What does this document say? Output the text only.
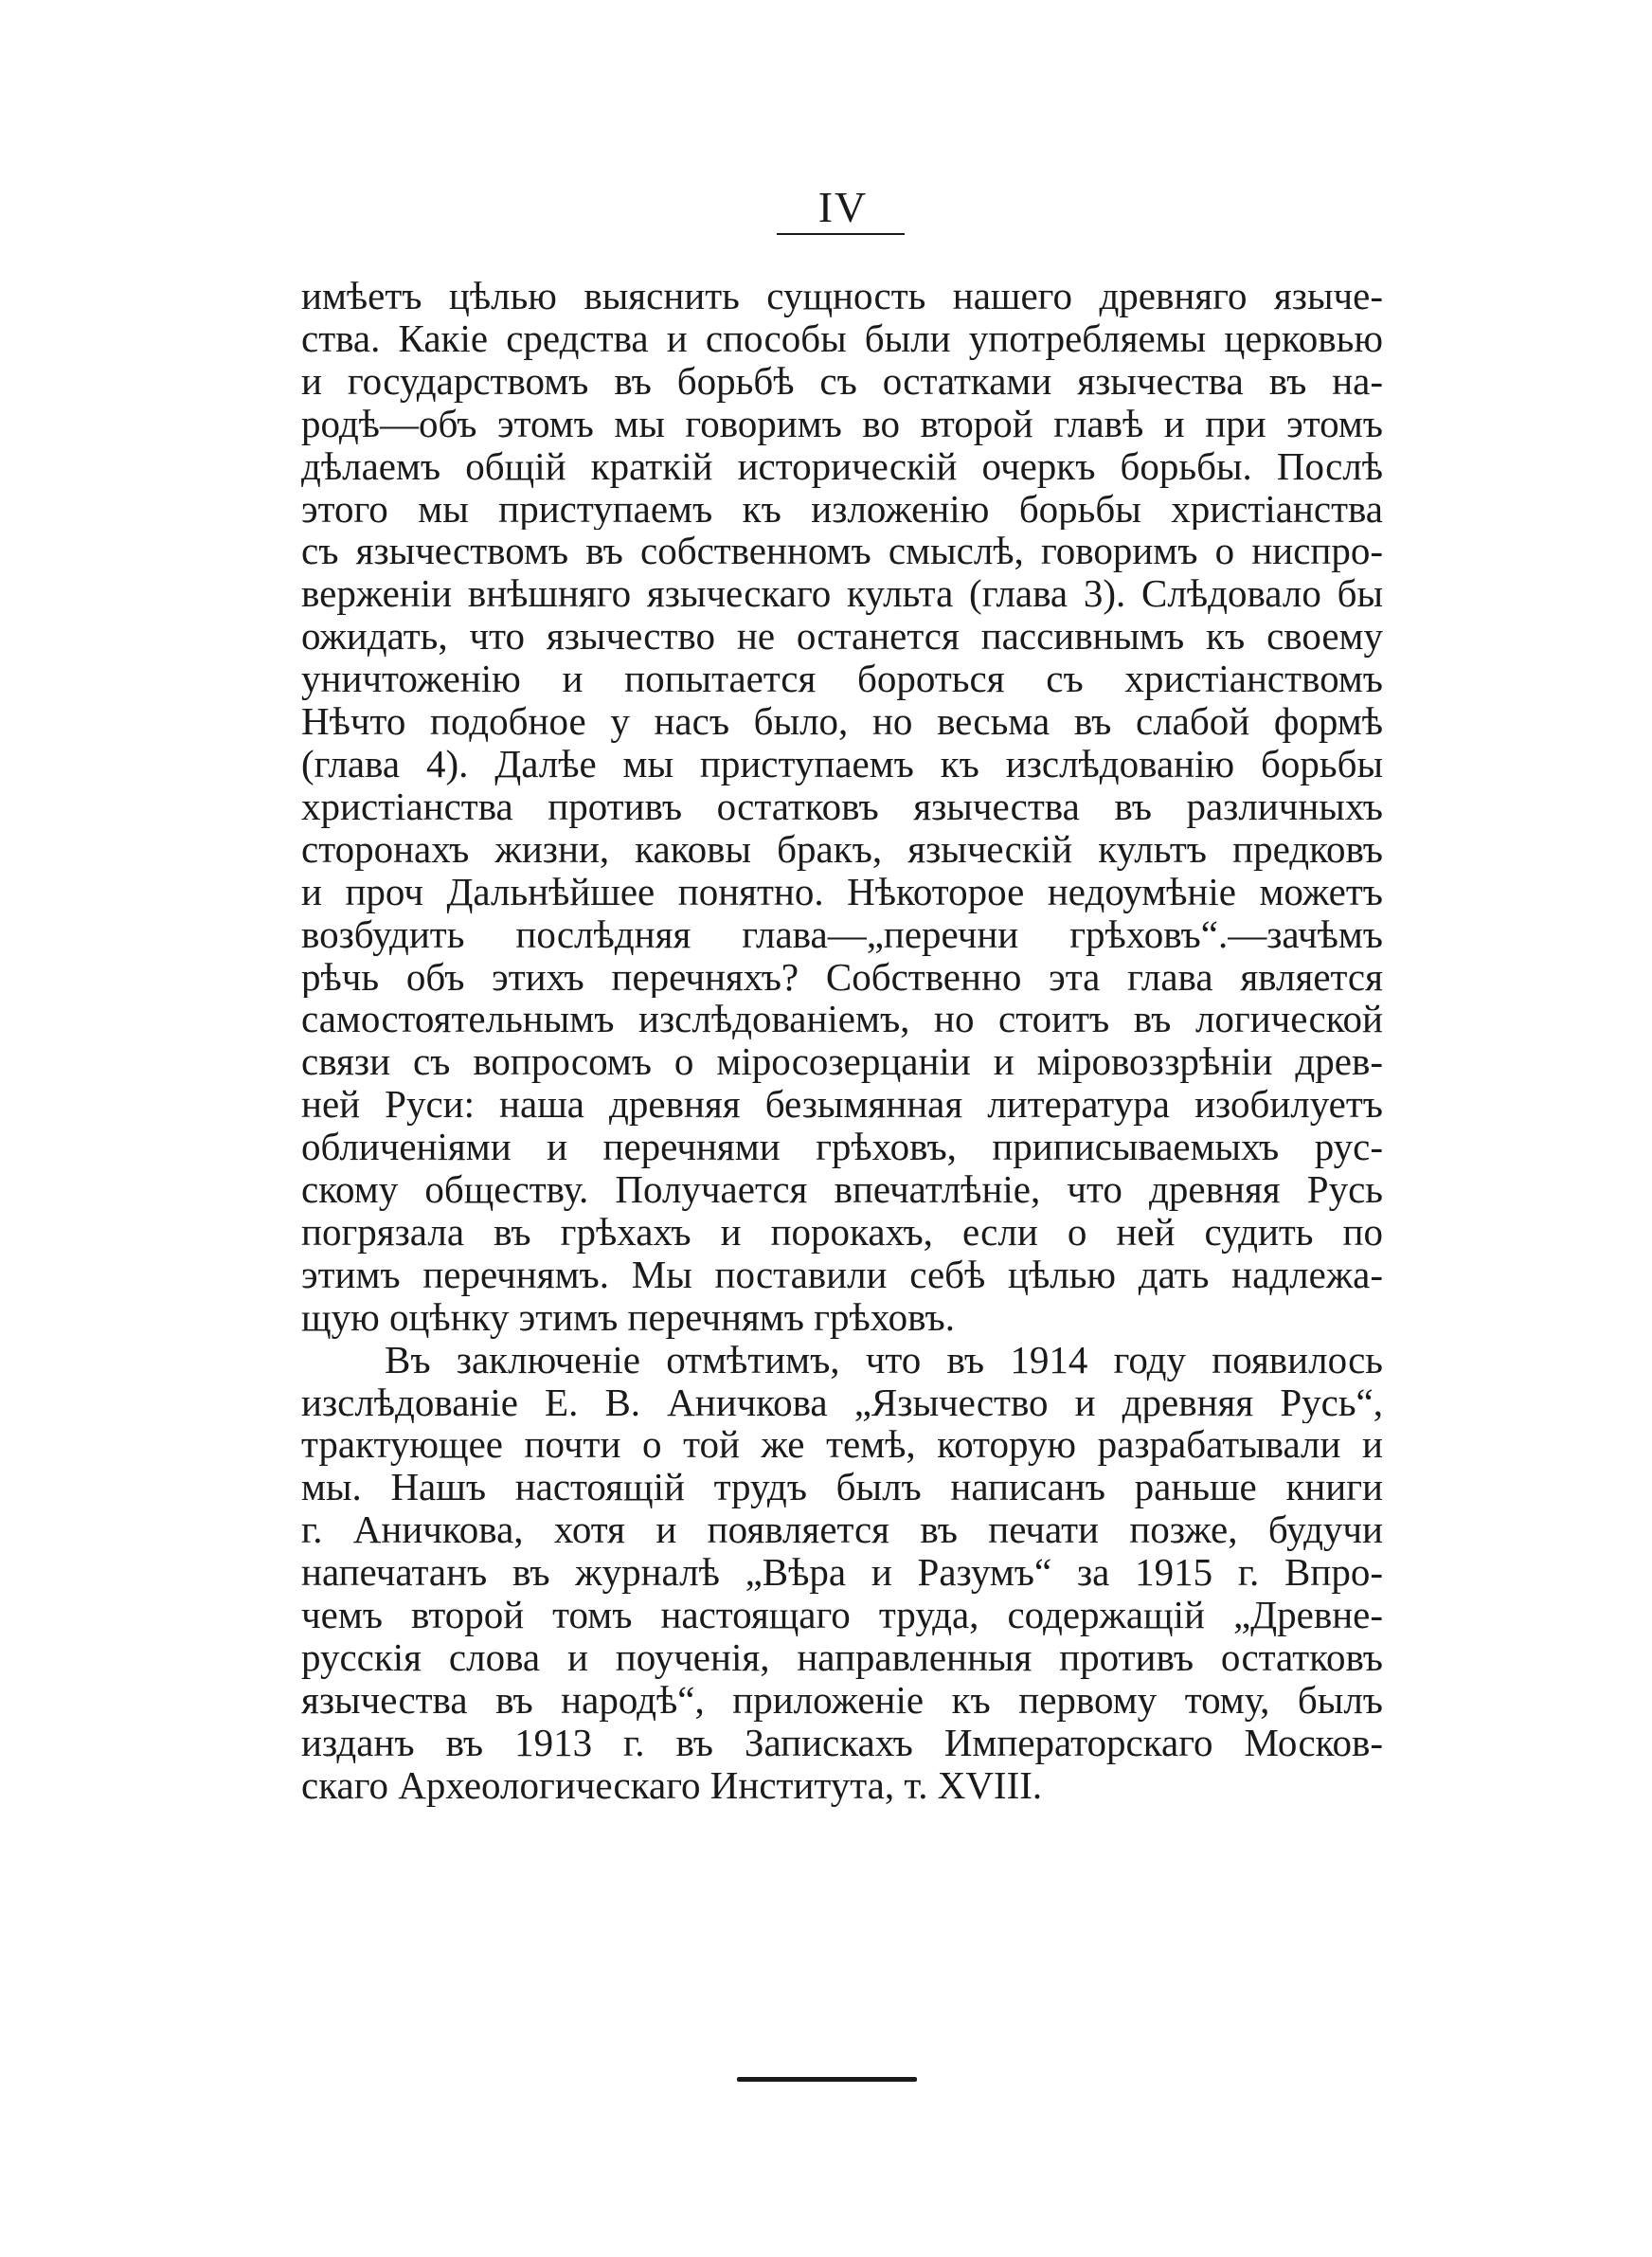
IV

имѣетъ цѣлью выяснить сущность нашего древняго язычe-

ства. Какiе средства и способы были употребляемы церковью

и государствомъ въ борьбѣ съ остатками язычества въ на-

родѣ—объ этомъ мы говоримъ во второй главѣ и при этомъ

дѣлаемъ общiй краткiй историческiй очеркъ борьбы. Послѣ

этого мы приступаемъ къ изложенiю борьбы христiанства

съ язычествомъ въ собственномъ смыслѣ, говоримъ о ниспро-

верженiи внѣшняго языческаго культа (глава 3). Слѣдовало бы

ожидать, что язычество не останется пассивнымъ къ своему

уничтоженiю и попытается бороться съ христiанствомъ

Нѣчто подобное у насъ было, но весьма въ слабой формѣ

(глава 4). Далѣе мы приступаемъ къ изслѣдованiю борьбы

христiанства противъ остатковъ язычества въ различныхъ

сторонахъ жизни, каковы бракъ, языческiй культъ предковъ

и проч Дальнѣйшее понятно. Нѣкоторое недоумѣнiе можетъ

возбудить послѣдняя глава—„перечни грѣховъ“.—зачѣмъ

рѣчь объ этихъ перечняхъ? Собственно эта глава является

самостоятельнымъ изслѣдованiемъ, но стоитъ въ логической

связи съ вопросомъ о мiросозерцанiи и мiровоззрѣнiи древ-

ней Руси: наша древняя безымянная литература изобилуетъ

обличенiями и перечнями грѣховъ, приписываемыхъ рус-

скому обществу. Получается впечатлѣнiе, что древняя Русь

погрязала въ грѣхахъ и порокахъ, если о ней судить по

этимъ перечнямъ. Мы поставили себѣ цѣлью дать надлежа-

щую оцѣнку этимъ перечнямъ грѣховъ.

Въ заключенiе отмѣтимъ, что въ 1914 году появилось

изслѣдованiе Е. В. Аничкова „Язычество и древняя Русь“,

трактующее почти о той же темѣ, которую разрабатывали и

мы. Нашъ настоящiй трудъ былъ написанъ раньше книги

г. Аничкова, хотя и появляется въ печати позже, будучи

напечатанъ въ журналѣ „Вѣра и Разумъ“ за 1915 г. Впро-

чемъ второй томъ настоящаго труда, содержащiй „Древне-

русскiя слова и поученiя, направленныя противъ остатковъ

язычества въ народѣ“, приложенiе къ первому тому, былъ

изданъ въ 1913 г. въ Запискахъ Императорскаго Москов-

скаго Археологическаго Института, т. XVIII.
